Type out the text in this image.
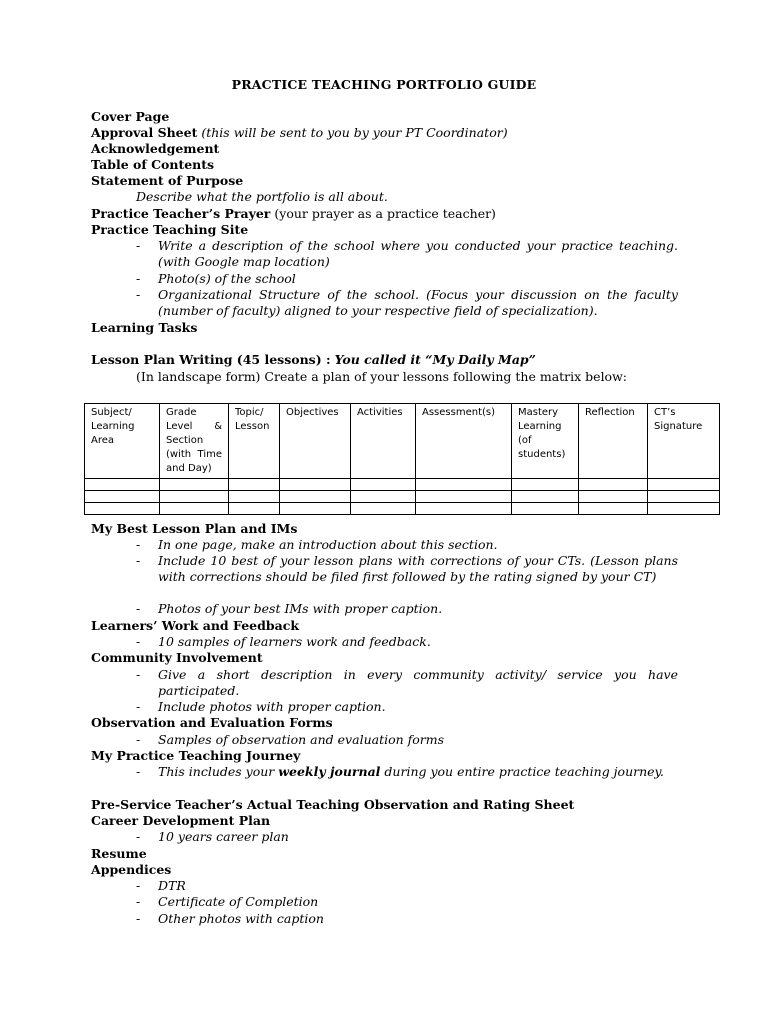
PRACTICE TEACHING PORTFOLIO GUIDE
Cover Page
Approval Sheet (this will be sent to you by your PT Coordinator)
Acknowledgement
Table of Contents
Statement of Purpose
Describe what the portfolio is all about.
Practice Teacher’s Prayer (your prayer as a practice teacher)
Practice Teaching Site
- Write a description of the school where you conducted your practice teaching. (with Google map location)
- Photo(s) of the school
- Organizational Structure of the school. (Focus your discussion on the faculty (number of faculty) aligned to your respective field of specialization).
Learning Tasks
Lesson Plan Writing (45 lessons) : You called it “My Daily Map”
(In landscape form) Create a plan of your lessons following the matrix below:
Subject/ Learning Area	Grade Level & Section (with Time and Day)	Topic/ Lesson	Objectives	Activities	Assessment(s)	Mastery Learning (of students)	Reflection	CT’s Signature

My Best Lesson Plan and IMs
- In one page, make an introduction about this section.
- Include 10 best of your lesson plans with corrections of your CTs. (Lesson plans with corrections should be filed first followed by the rating signed by your CT)
- Photos of your best IMs with proper caption.
Learners’ Work and Feedback
- 10 samples of learners work and feedback.
Community Involvement
- Give a short description in every community activity/ service you have participated.
- Include photos with proper caption.
Observation and Evaluation Forms
- Samples of observation and evaluation forms
My Practice Teaching Journey
- This includes your weekly journal during you entire practice teaching journey.
Pre-Service Teacher’s Actual Teaching Observation and Rating Sheet
Career Development Plan
- 10 years career plan
Resume
Appendices
- DTR
- Certificate of Completion
- Other photos with caption
